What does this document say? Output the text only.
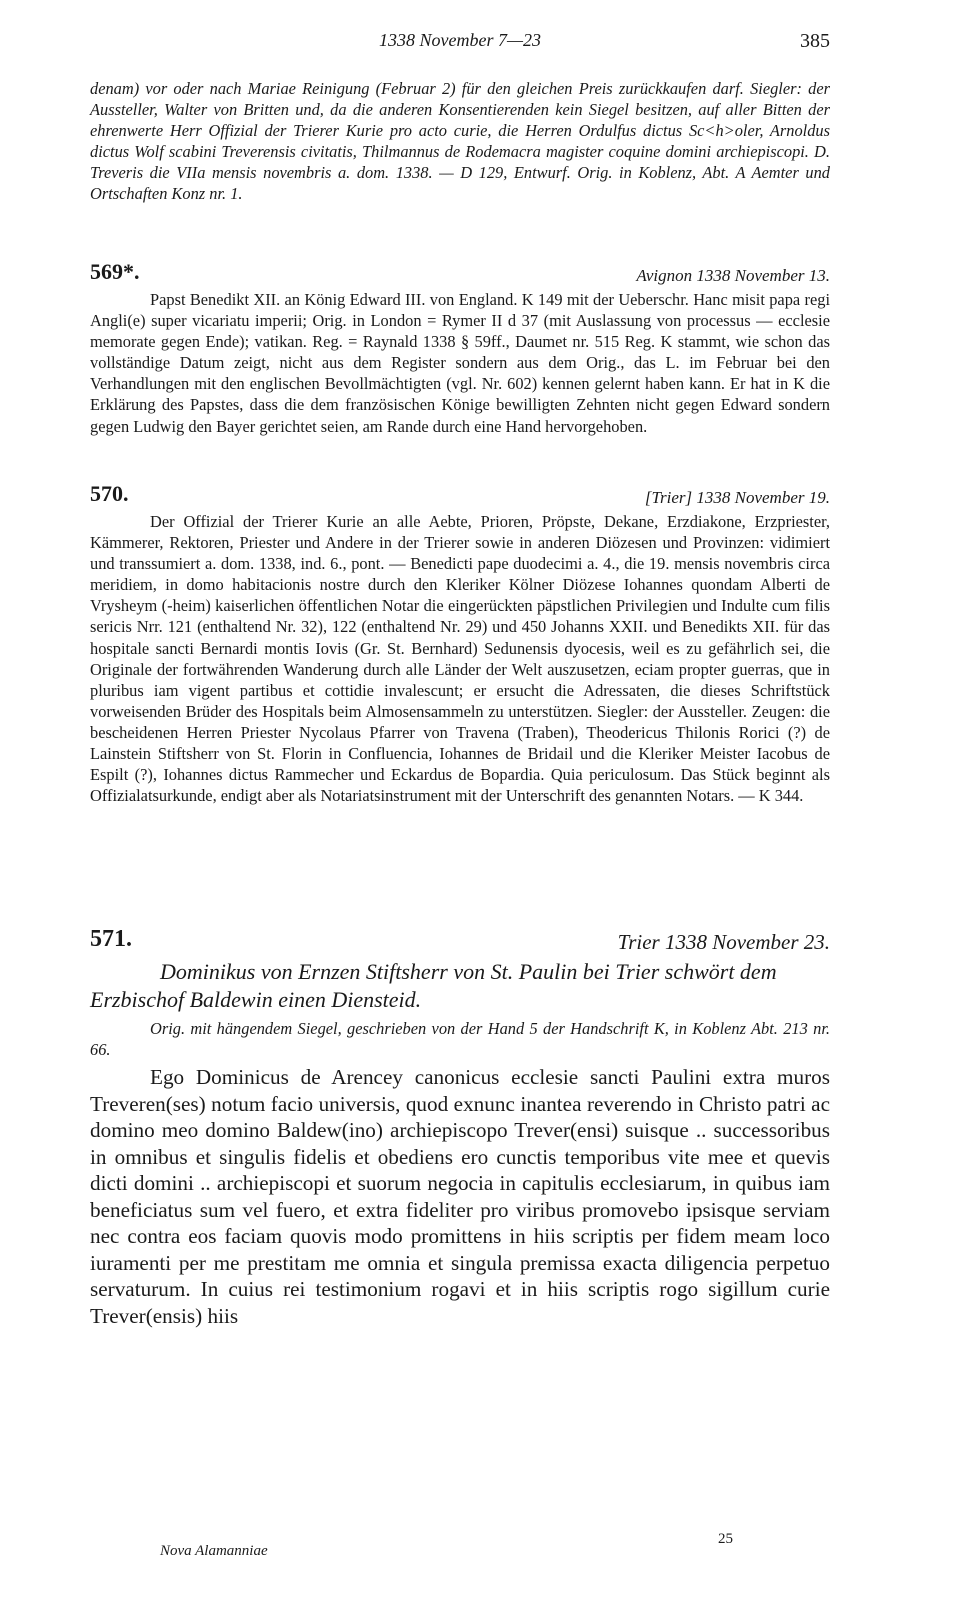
1338 November 7—23	385

denam) vor oder nach Mariae Reinigung (Februar 2) für den gleichen Preis zurückkaufen darf. Siegler: der Aussteller, Walter von Britten und, da die anderen Konsentierenden kein Siegel besitzen, auf aller Bitten der ehrenwerte Herr Offizial der Trierer Kurie pro acto curie, die Herren Ordulfus dictus Sc<h>oler, Arnoldus dictus Wolf scabini Treverensis civitatis, Thilmannus de Rodemacra magister coquine domini archiepiscopi. D. Treveris die VIIa mensis novembris a. dom. 1338. — D 129, Entwurf. Orig. in Koblenz, Abt. A Aemter und Ortschaften Konz nr. 1.

569*.	Avignon 1338 November 13.

Papst Benedikt XII. an König Edward III. von England. K 149 mit der Ueberschr. Hanc misit papa regi Angli(e) super vicariatu imperii; Orig. in London = Rymer II d 37 (mit Auslassung von processus — ecclesie memorate gegen Ende); vatikan. Reg. = Raynald 1338 § 59ff., Daumet nr. 515 Reg. K stammt, wie schon das vollständige Datum zeigt, nicht aus dem Register sondern aus dem Orig., das L. im Februar bei den Verhandlungen mit den englischen Bevollmächtigten (vgl. Nr. 602) kennen gelernt haben kann. Er hat in K die Erklärung des Papstes, dass die dem französischen Könige bewilligten Zehnten nicht gegen Edward sondern gegen Ludwig den Bayer gerichtet seien, am Rande durch eine Hand hervorgehoben.

570.	[Trier] 1338 November 19.

Der Offizial der Trierer Kurie an alle Aebte, Prioren, Pröpste, Dekane, Erzdiakone, Erzpriester, Kämmerer, Rektoren, Priester und Andere in der Trierer sowie in anderen Diözesen und Provinzen: vidimiert und transsumiert a. dom. 1338, ind. 6., pont. — Benedicti pape duodecimi a. 4., die 19. mensis novembris circa meridiem, in domo habitacionis nostre durch den Kleriker Kölner Diözese Iohannes quondam Alberti de Vrysheym (-heim) kaiserlichen öffentlichen Notar die eingerückten päpstlichen Privilegien und Indulte cum filis sericis Nrr. 121 (enthaltend Nr. 32), 122 (enthaltend Nr. 29) und 450 Johanns XXII. und Benedikts XII. für das hospitale sancti Bernardi montis Iovis (Gr. St. Bernhard) Sedunensis dyocesis, weil es zu gefährlich sei, die Originale der fortwährenden Wanderung durch alle Länder der Welt auszusetzen, eciam propter guerras, que in pluribus iam vigent partibus et cottidie invalescunt; er ersucht die Adressaten, die dieses Schriftstück vorweisenden Brüder des Hospitals beim Almosensammeln zu unterstützen. Siegler: der Aussteller. Zeugen: die bescheidenen Herren Priester Nycolaus Pfarrer von Travena (Traben), Theodericus Thilonis Rorici (?) de Lainstein Stiftsherr von St. Florin in Confluencia, Iohannes de Bridail und die Kleriker Meister Iacobus de Espilt (?), Iohannes dictus Rammecher und Eckardus de Bopardia. Quia periculosum. Das Stück beginnt als Offizialatsurkunde, endigt aber als Notariatsinstrument mit der Unterschrift des genannten Notars. — K 344.

571.	Trier 1338 November 23.

Dominikus von Ernzen Stiftsherr von St. Paulin bei Trier schwört dem Erzbischof Baldewin einen Diensteid.

Orig. mit hängendem Siegel, geschrieben von der Hand 5 der Handschrift K, in Koblenz Abt. 213 nr. 66.

Ego Dominicus de Arencey canonicus ecclesie sancti Paulini extra muros Treveren(ses) notum facio universis, quod exnunc inantea reverendo in Christo patri ac domino meo domino Baldew(ino) archiepiscopo Trever(ensi) suisque .. successoribus in omnibus et singulis fidelis et obediens ero cunctis temporibus vite mee et quevis dicti domini .. archiepiscopi et suorum negocia in capitulis ecclesiarum, in quibus iam beneficiatus sum vel fuero, et extra fideliter pro viribus promovebo ipsisque serviam nec contra eos faciam quovis modo promittens in hiis scriptis per fidem meam loco iuramenti per me prestitam me omnia et singula premissa exacta diligencia perpetuo servaturum. In cuius rei testimonium rogavi et in hiis scriptis rogo sigillum curie Trever(ensis) hiis

Nova Alamanniae
25
